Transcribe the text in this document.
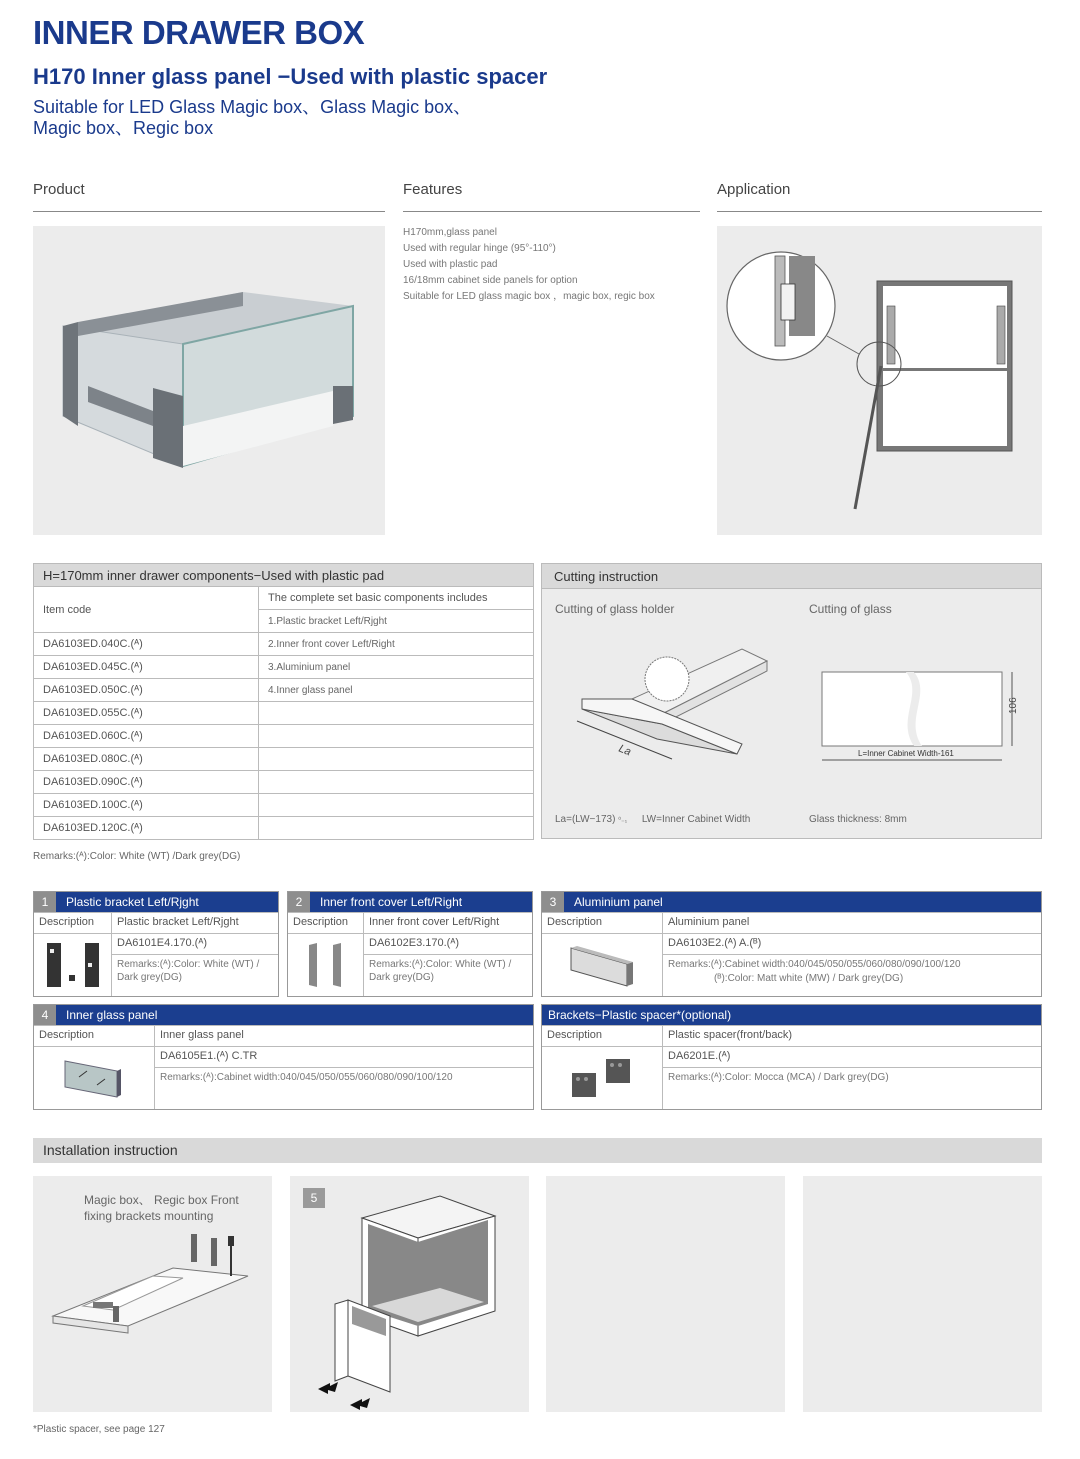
INNER DRAWER BOX
H170 Inner glass panel −Used with plastic spacer
Suitable for LED Glass Magic box、Glass Magic box、
Magic box、Regic box
Product	Features	Application
H170mm,glass panel
Used with regular hinge (95°-110°)
Used with plastic pad
16/18mm cabinet side panels for option
Suitable for LED glass magic box ，magic box, regic box
H=170mm inner drawer components−Used with plastic pad	
Item code	The complete set basic components includes
	1.Plastic bracket Left/Rjght
DA6103ED.040C.(ᴬ)	2.Inner front cover Left/Right
DA6103ED.045C.(ᴬ)	3.Aluminium panel
DA6103ED.050C.(ᴬ)	4.Inner glass panel
DA6103ED.055C.(ᴬ)	
DA6103ED.060C.(ᴬ)	
DA6103ED.080C.(ᴬ)	
DA6103ED.090C.(ᴬ)	
DA6103ED.100C.(ᴬ)	
DA6103ED.120C.(ᴬ)	
Remarks:(ᴬ):Color: White (WT) /Dark grey(DG)
Cutting instruction
Cutting of glass holder	Cutting of glass
La
106
L=Inner Cabinet Width-161
La=(LW−173) ⁰₋₁ LW=Inner Cabinet Width	Glass thickness: 8mm
1	Plastic bracket Left/Rjght
Description	Plastic bracket Left/Rjght
DA6101E4.170.(ᴬ)
Remarks:(ᴬ):Color: White (WT) /
Dark grey(DG)
2	Inner front cover Left/Right
Description	Inner front cover Left/Right
DA6102E3.170.(ᴬ)
Remarks:(ᴬ):Color: White (WT) /
Dark grey(DG)
3	Aluminium panel
Description	Aluminium panel
DA6103E2.(ᴬ) A.(ᴮ)
Remarks:(ᴬ):Cabinet width:040/045/050/055/060/080/090/100/120
(ᴮ):Color: Matt white (MW) / Dark grey(DG)
4	Inner glass panel
Description	Inner glass panel
DA6105E1.(ᴬ) C.TR
Remarks:(ᴬ):Cabinet width:040/045/050/055/060/080/090/100/120
Brackets−Plastic spacer*(optional)
Description	Plastic spacer(front/back)
DA6201E.(ᴬ)
Remarks:(ᴬ):Color: Mocca (MCA) / Dark grey(DG)
Installation instruction
Magic box、 Regic box Front
fixing brackets mounting
5
*Plastic spacer, see page 127
